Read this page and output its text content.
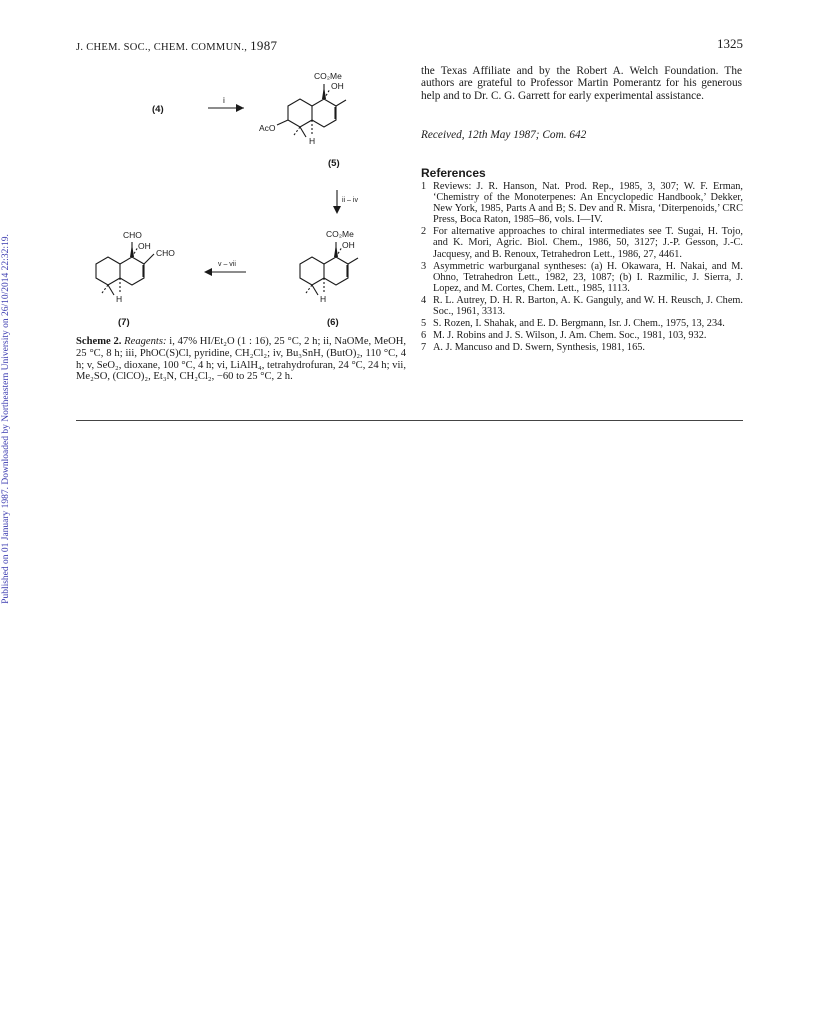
Published on 01 January 1987. Downloaded by Northeastern University on 26/10/2014 22:32:19.
J. CHEM. SOC., CHEM. COMMUN., 1987	1325
(4)
(5)
(6)
(7)
i
ii – iv
v – vii
CO₂Me
OH
AcO
H
CO₂Me
OH
H
CHO
OH
CHO
H
Scheme 2. Reagents: i, 47% HI/Et₂O (1 : 16), 25 °C, 2 h; ii, NaOMe, MeOH, 25 °C, 8 h; iii, PhOC(S)Cl, pyridine, CH₂Cl₂; iv, Bu₃SnH, (ButO)₂, 110 °C, 4 h; v, SeO₂, dioxane, 100 °C, 4 h; vi, LiAlH₄, tetrahydrofuran, 24 °C, 24 h; vii, Me₂SO, (ClCO)₂, Et₃N, CH₂Cl₂, −60 to 25 °C, 2 h.
the Texas Affiliate and by the Robert A. Welch Foundation. The authors are grateful to Professor Martin Pomerantz for his generous help and to Dr. C. G. Garrett for early experimental assistance.
Received, 12th May 1987; Com. 642
References
1 Reviews: J. R. Hanson, Nat. Prod. Rep., 1985, 3, 307; W. F. Erman, ‘Chemistry of the Monoterpenes: An Encyclopedic Handbook,’ Dekker, New York, 1985, Parts A and B; S. Dev and R. Misra, ‘Diterpenoids,’ CRC Press, Boca Raton, 1985–86, vols. I—IV.
2 For alternative approaches to chiral intermediates see T. Sugai, H. Tojo, and K. Mori, Agric. Biol. Chem., 1986, 50, 3127; J.-P. Gesson, J.-C. Jacquesy, and B. Renoux, Tetrahedron Lett., 1986, 27, 4461.
3 Asymmetric warburganal syntheses: (a) H. Okawara, H. Nakai, and M. Ohno, Tetrahedron Lett., 1982, 23, 1087; (b) I. Razmilic, J. Sierra, J. Lopez, and M. Cortes, Chem. Lett., 1985, 1113.
4 R. L. Autrey, D. H. R. Barton, A. K. Ganguly, and W. H. Reusch, J. Chem. Soc., 1961, 3313.
5 S. Rozen, I. Shahak, and E. D. Bergmann, Isr. J. Chem., 1975, 13, 234.
6 M. J. Robins and J. S. Wilson, J. Am. Chem. Soc., 1981, 103, 932.
7 A. J. Mancuso and D. Swern, Synthesis, 1981, 165.
